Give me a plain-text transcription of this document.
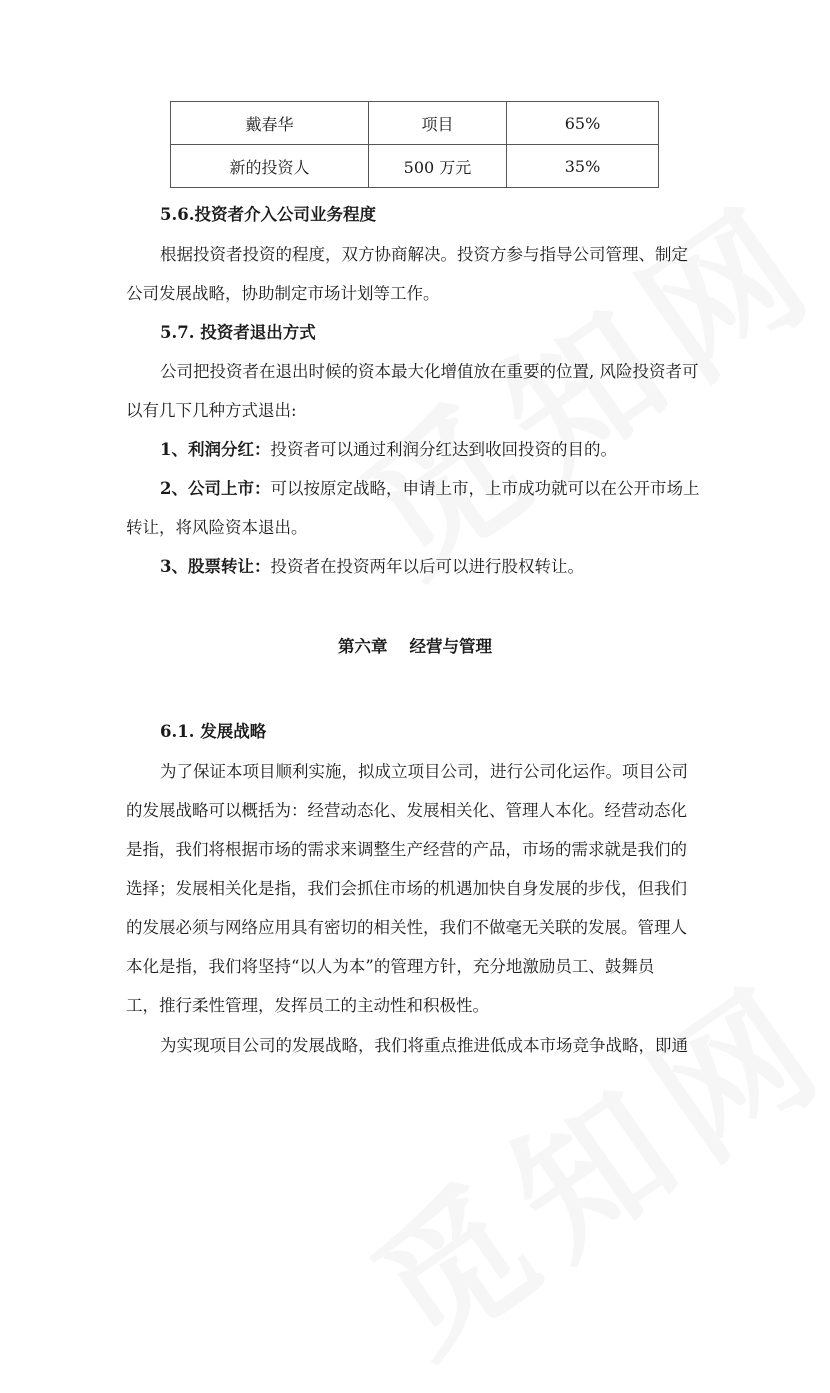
戴春华	项目	65%
新的投资人	500 万元	35%
5.6.投资者介入公司业务程度
根据投资者投资的程度，双方协商解决。投资方参与指导公司管理、制定
公司发展战略，协助制定市场计划等工作。
5.7. 投资者退出方式
公司把投资者在退出时候的资本最大化增值放在重要的位置, 风险投资者可
以有几下几种方式退出:
1、利润分红：投资者可以通过利润分红达到收回投资的目的。
2、公司上市：可以按原定战略，申请上市，上市成功就可以在公开市场上
转让，将风险资本退出。
3、股票转让：投资者在投资两年以后可以进行股权转让。
第六章 经营与管理
6.1. 发展战略
为了保证本项目顺利实施，拟成立项目公司，进行公司化运作。项目公司
的发展战略可以概括为：经营动态化、发展相关化、管理人本化。经营动态化
是指，我们将根据市场的需求来调整生产经营的产品，市场的需求就是我们的
选择；发展相关化是指，我们会抓住市场的机遇加快自身发展的步伐，但我们
的发展必须与网络应用具有密切的相关性，我们不做毫无关联的发展。管理人
本化是指，我们将坚持“以人为本”的管理方针，充分地激励员工、鼓舞员
工，推行柔性管理，发挥员工的主动性和积极性。
为实现项目公司的发展战略，我们将重点推进低成本市场竞争战略，即通
